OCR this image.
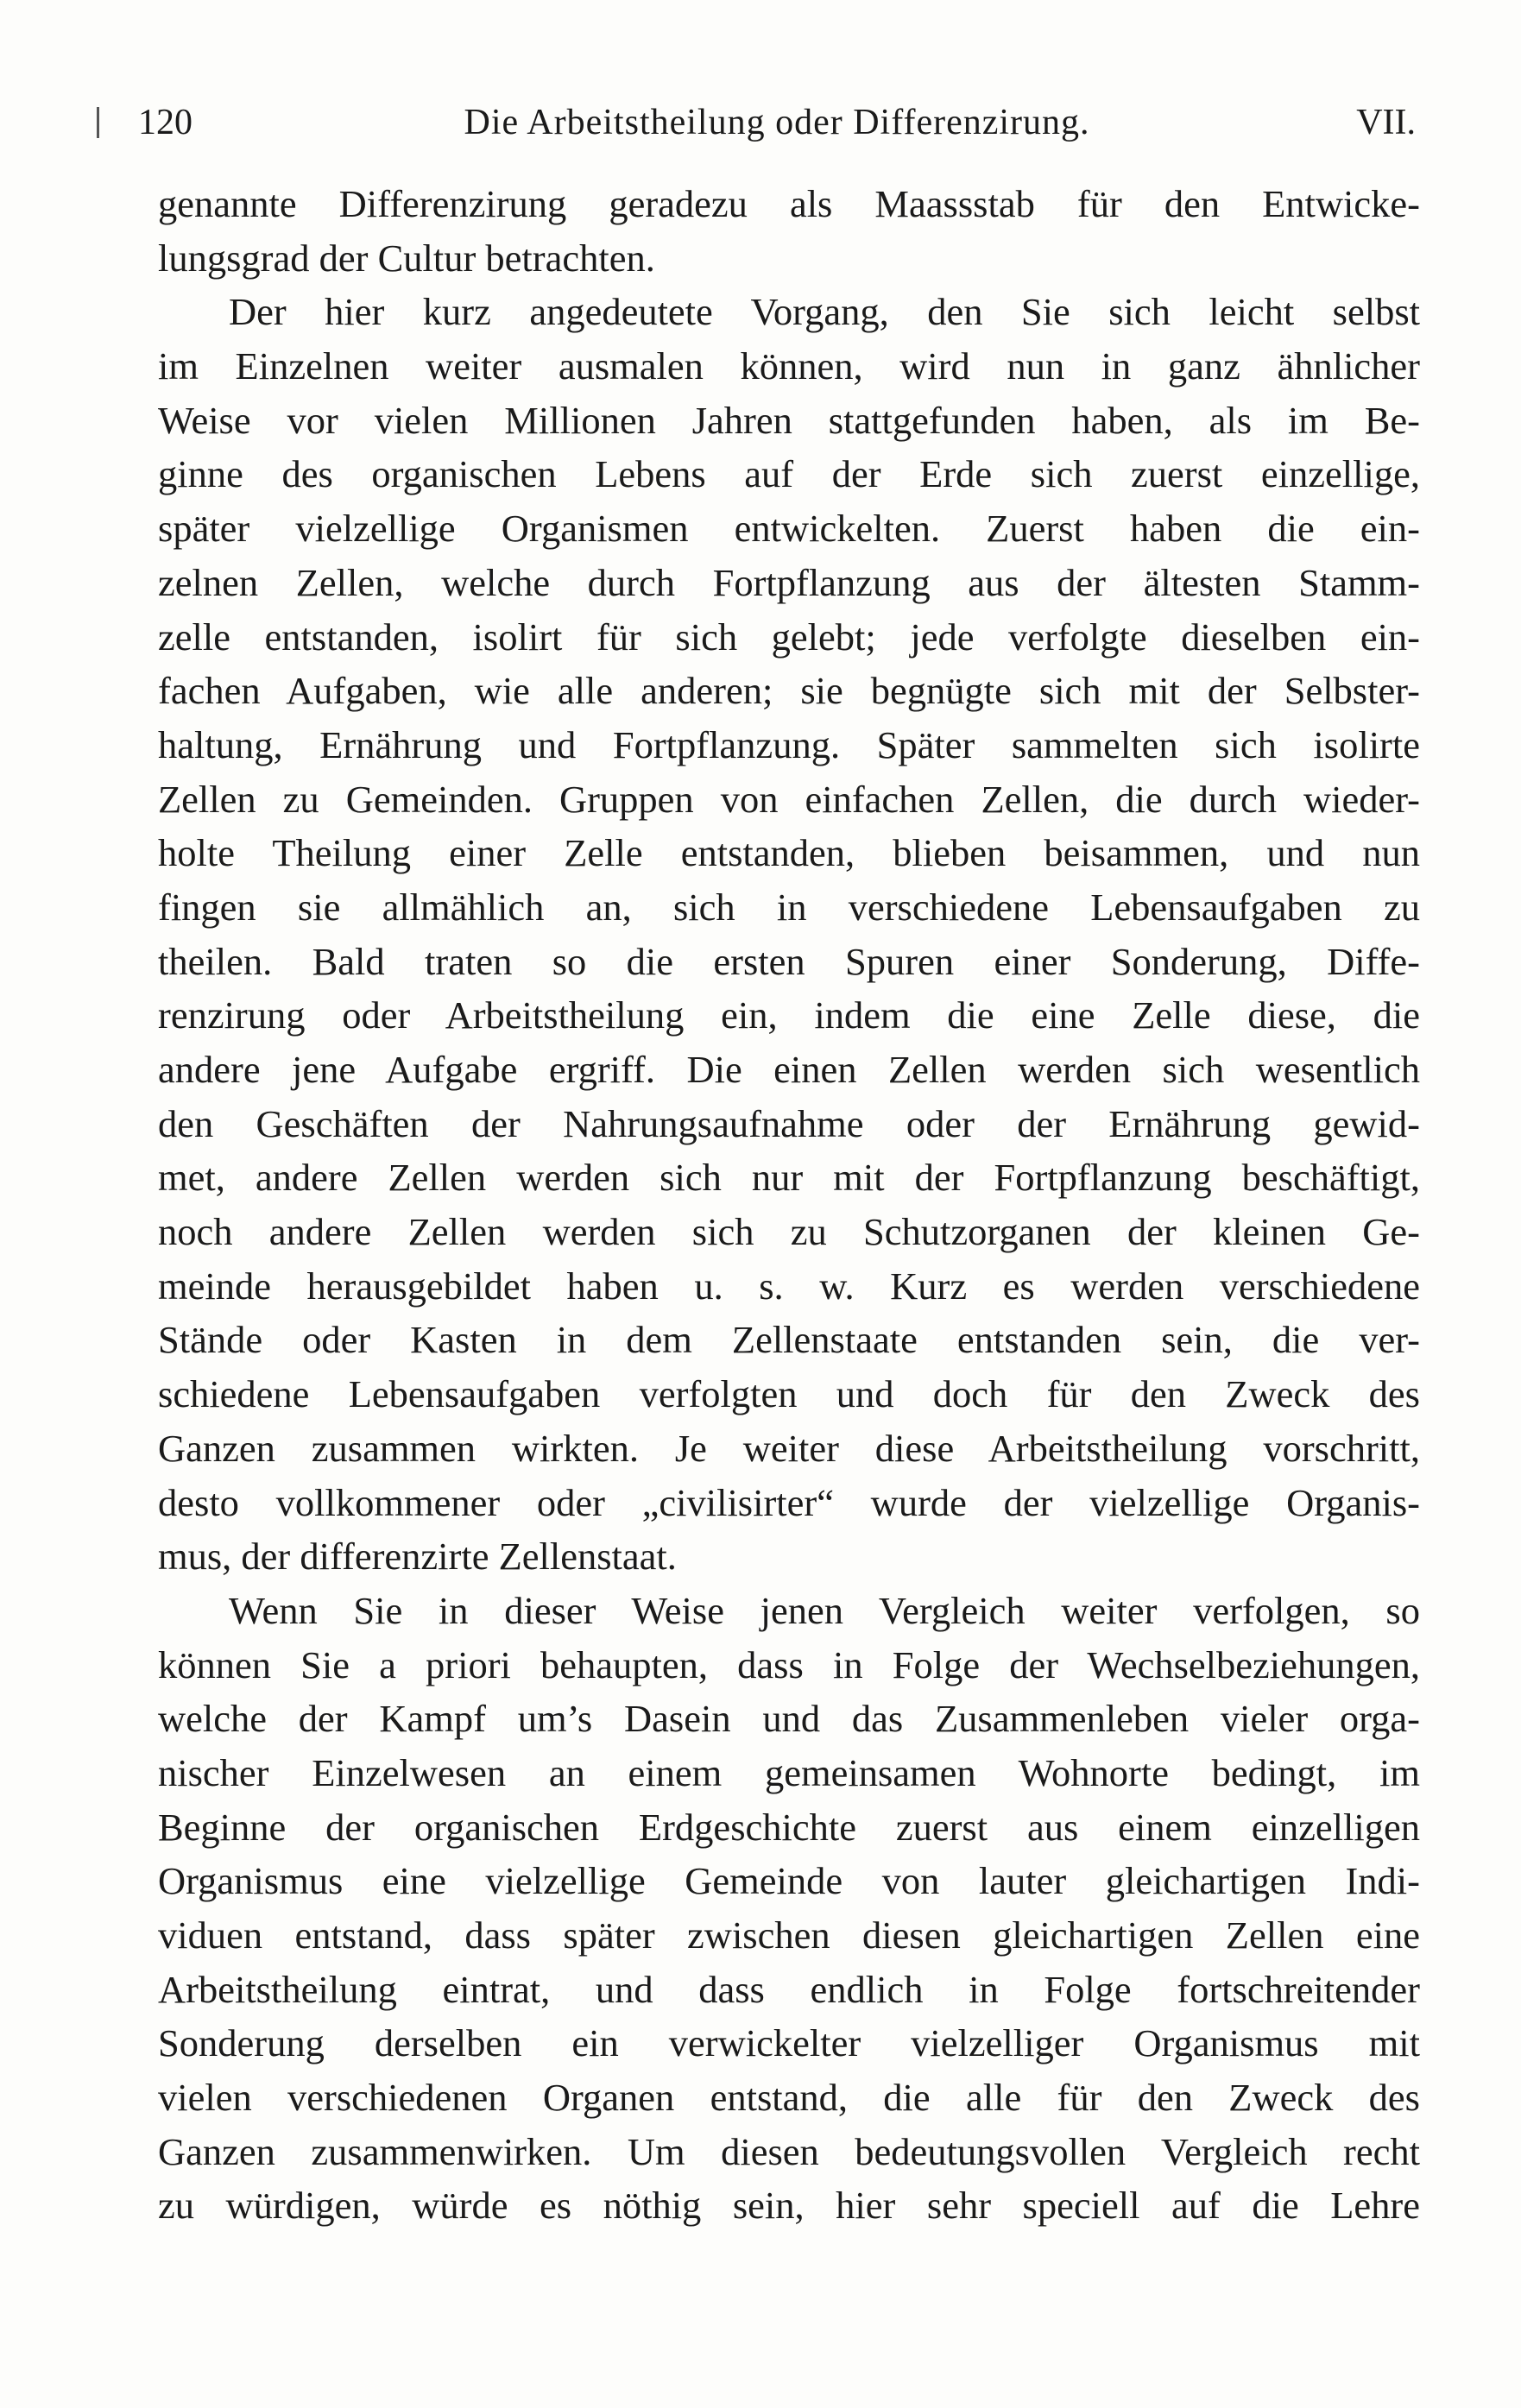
120	Die Arbeitstheilung oder Differenzirung.	VII.
genannte Differenzirung geradezu als Maassstab für den Entwicke-
lungsgrad der Cultur betrachten.
Der hier kurz angedeutete Vorgang, den Sie sich leicht selbst
im Einzelnen weiter ausmalen können, wird nun in ganz ähnlicher
Weise vor vielen Millionen Jahren stattgefunden haben, als im Be-
ginne des organischen Lebens auf der Erde sich zuerst einzellige,
später vielzellige Organismen entwickelten. Zuerst haben die ein-
zelnen Zellen, welche durch Fortpflanzung aus der ältesten Stamm-
zelle entstanden, isolirt für sich gelebt; jede verfolgte dieselben ein-
fachen Aufgaben, wie alle anderen; sie begnügte sich mit der Selbster-
haltung, Ernährung und Fortpflanzung. Später sammelten sich isolirte
Zellen zu Gemeinden. Gruppen von einfachen Zellen, die durch wieder-
holte Theilung einer Zelle entstanden, blieben beisammen, und nun
fingen sie allmählich an, sich in verschiedene Lebensaufgaben zu
theilen. Bald traten so die ersten Spuren einer Sonderung, Diffe-
renzirung oder Arbeitstheilung ein, indem die eine Zelle diese, die
andere jene Aufgabe ergriff. Die einen Zellen werden sich wesentlich
den Geschäften der Nahrungsaufnahme oder der Ernährung gewid-
met, andere Zellen werden sich nur mit der Fortpflanzung beschäftigt,
noch andere Zellen werden sich zu Schutzorganen der kleinen Ge-
meinde herausgebildet haben u. s. w. Kurz es werden verschiedene
Stände oder Kasten in dem Zellenstaate entstanden sein, die ver-
schiedene Lebensaufgaben verfolgten und doch für den Zweck des
Ganzen zusammen wirkten. Je weiter diese Arbeitstheilung vorschritt,
desto vollkommener oder „civilisirter“ wurde der vielzellige Organis-
mus, der differenzirte Zellenstaat.
Wenn Sie in dieser Weise jenen Vergleich weiter verfolgen, so
können Sie a priori behaupten, dass in Folge der Wechselbeziehungen,
welche der Kampf um’s Dasein und das Zusammenleben vieler orga-
nischer Einzelwesen an einem gemeinsamen Wohnorte bedingt, im
Beginne der organischen Erdgeschichte zuerst aus einem einzelligen
Organismus eine vielzellige Gemeinde von lauter gleichartigen Indi-
viduen entstand, dass später zwischen diesen gleichartigen Zellen eine
Arbeitstheilung eintrat, und dass endlich in Folge fortschreitender
Sonderung derselben ein verwickelter vielzelliger Organismus mit
vielen verschiedenen Organen entstand, die alle für den Zweck des
Ganzen zusammenwirken. Um diesen bedeutungsvollen Vergleich recht
zu würdigen, würde es nöthig sein, hier sehr speciell auf die Lehre
